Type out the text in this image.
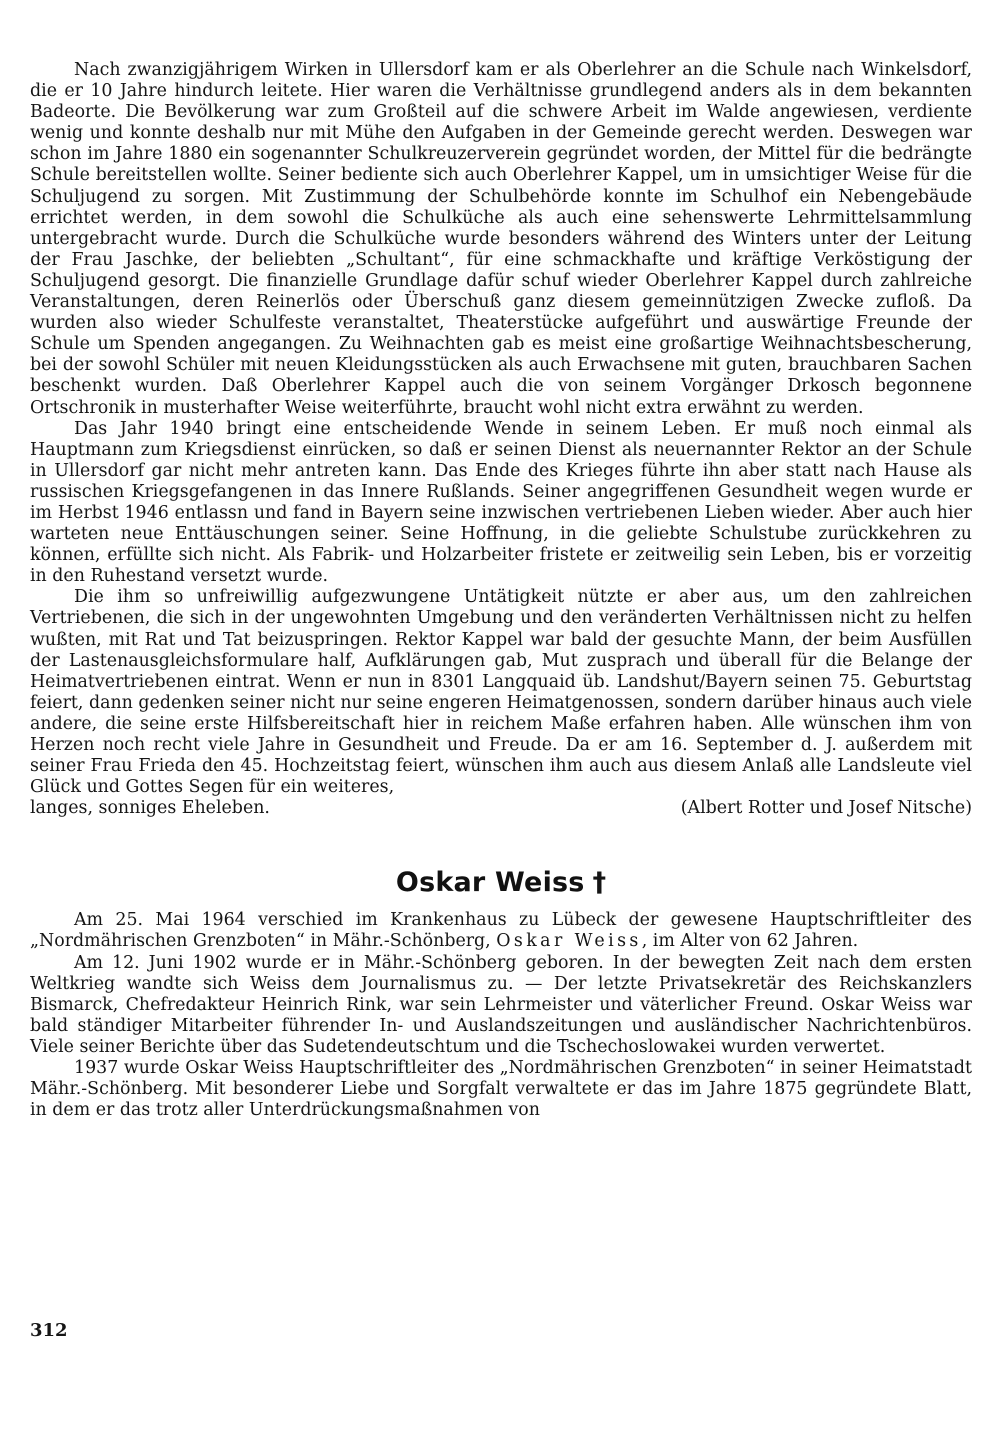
Nach zwanzigjährigem Wirken in Ullersdorf kam er als Oberlehrer an die Schule nach Winkelsdorf, die er 10 Jahre hindurch leitete. Hier waren die Verhältnisse grundlegend anders als in dem bekannten Badeorte. Die Bevölkerung war zum Großteil auf die schwere Arbeit im Walde angewiesen, verdiente wenig und konnte deshalb nur mit Mühe den Aufgaben in der Gemeinde gerecht werden. Deswegen war schon im Jahre 1880 ein sogenannter Schulkreuzerverein gegründet worden, der Mittel für die bedrängte Schule bereitstellen wollte. Seiner bediente sich auch Oberlehrer Kappel, um in umsichtiger Weise für die Schuljugend zu sorgen. Mit Zustimmung der Schulbehörde konnte im Schulhof ein Nebengebäude errichtet werden, in dem sowohl die Schulküche als auch eine sehenswerte Lehrmittelsammlung untergebracht wurde. Durch die Schulküche wurde besonders während des Winters unter der Leitung der Frau Jaschke, der beliebten „Schultant“, für eine schmackhafte und kräftige Verköstigung der Schuljugend gesorgt. Die finanzielle Grundlage dafür schuf wieder Oberlehrer Kappel durch zahlreiche Veranstaltungen, deren Reinerlös oder Überschuß ganz diesem gemeinnützigen Zwecke zufloß. Da wurden also wieder Schulfeste veranstaltet, Theaterstücke aufgeführt und auswärtige Freunde der Schule um Spenden angegangen. Zu Weihnachten gab es meist eine großartige Weihnachtsbescherung, bei der sowohl Schüler mit neuen Kleidungsstücken als auch Erwachsene mit guten, brauchbaren Sachen beschenkt wurden. Daß Oberlehrer Kappel auch die von seinem Vorgänger Drkosch begonnene Ortschronik in musterhafter Weise weiterführte, braucht wohl nicht extra erwähnt zu werden.

Das Jahr 1940 bringt eine entscheidende Wende in seinem Leben. Er muß noch einmal als Hauptmann zum Kriegsdienst einrücken, so daß er seinen Dienst als neuernannter Rektor an der Schule in Ullersdorf gar nicht mehr antreten kann. Das Ende des Krieges führte ihn aber statt nach Hause als russischen Kriegsgefangenen in das Innere Rußlands. Seiner angegriffenen Gesundheit wegen wurde er im Herbst 1946 entlassn und fand in Bayern seine inzwischen vertriebenen Lieben wieder. Aber auch hier warteten neue Enttäuschungen seiner. Seine Hoffnung, in die geliebte Schulstube zurückkehren zu können, erfüllte sich nicht. Als Fabrik- und Holzarbeiter fristete er zeitweilig sein Leben, bis er vorzeitig in den Ruhestand versetzt wurde.

Die ihm so unfreiwillig aufgezwungene Untätigkeit nützte er aber aus, um den zahlreichen Vertriebenen, die sich in der ungewohnten Umgebung und den veränderten Verhältnissen nicht zu helfen wußten, mit Rat und Tat beizuspringen. Rektor Kappel war bald der gesuchte Mann, der beim Ausfüllen der Lastenausgleichsformulare half, Aufklärungen gab, Mut zusprach und überall für die Belange der Heimatvertriebenen eintrat. Wenn er nun in 8301 Langquaid üb. Landshut/Bayern seinen 75. Geburtstag feiert, dann gedenken seiner nicht nur seine engeren Heimatgenossen, sondern darüber hinaus auch viele andere, die seine erste Hilfsbereitschaft hier in reichem Maße erfahren haben. Alle wünschen ihm von Herzen noch recht viele Jahre in Gesundheit und Freude. Da er am 16. September d. J. außerdem mit seiner Frau Frieda den 45. Hochzeitstag feiert, wünschen ihm auch aus diesem Anlaß alle Landsleute viel Glück und Gottes Segen für ein weiteres,

langes, sonniges Eheleben.	(Albert Rotter und Josef Nitsche)

Oskar Weiss †

Am 25. Mai 1964 verschied im Krankenhaus zu Lübeck der gewesene Hauptschriftleiter des „Nordmährischen Grenzboten“ in Mähr.-Schönberg, Oskar Weiss, im Alter von 62 Jahren.

Am 12. Juni 1902 wurde er in Mähr.-Schönberg geboren. In der bewegten Zeit nach dem ersten Weltkrieg wandte sich Weiss dem Journalismus zu. — Der letzte Privatsekretär des Reichskanzlers Bismarck, Chefredakteur Heinrich Rink, war sein Lehrmeister und väterlicher Freund. Oskar Weiss war bald ständiger Mitarbeiter führender In- und Auslandszeitungen und ausländischer Nachrichtenbüros. Viele seiner Berichte über das Sudetendeutschtum und die Tschechoslowakei wurden verwertet.

1937 wurde Oskar Weiss Hauptschriftleiter des „Nordmährischen Grenzboten“ in seiner Heimatstadt Mähr.-Schönberg. Mit besonderer Liebe und Sorgfalt verwaltete er das im Jahre 1875 gegründete Blatt, in dem er das trotz aller Unterdrückungsmaßnahmen von

312
